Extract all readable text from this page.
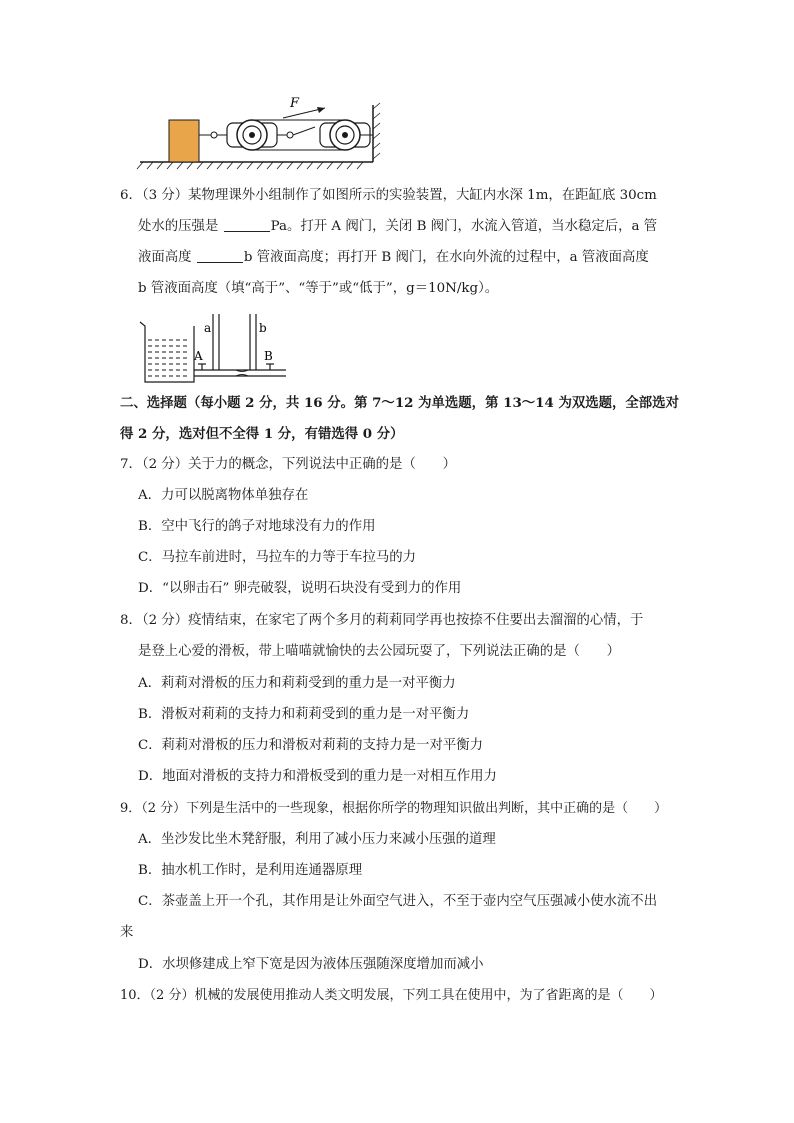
F
6．（3 分）某物理课外小组制作了如图所示的实验装置，大缸内水深 1m，在距缸底 30cm
处水的压强是	Pa。打开 A 阀门，关闭 B 阀门，水流入管道，当水稳定后，a 管
液面高度	b 管液面高度；再打开 B 阀门，在水向外流的过程中，a 管液面高度
b 管液面高度（填“高于”、“等于”或“低于”，g＝10N/kg）。
A
a	b
B
二、选择题（每小题 2 分，共 16 分。第 7～12 为单选题，第 13～14 为双选题，全部选对
得 2 分，选对但不全得 1 分，有错选得 0 分）
7．（2 分）关于力的概念，下列说法中正确的是（　　）
A．力可以脱离物体单独存在
B．空中飞行的鸽子对地球没有力的作用
C．马拉车前进时，马拉车的力等于车拉马的力
D．“以卵击石” 卵壳破裂，说明石块没有受到力的作用
8．（2 分）疫情结束，在家宅了两个多月的莉莉同学再也按捺不住要出去溜溜的心情，于
是登上心爱的滑板，带上喵喵就愉快的去公园玩耍了，下列说法正确的是（　　）
A．莉莉对滑板的压力和莉莉受到的重力是一对平衡力
B．滑板对莉莉的支持力和莉莉受到的重力是一对平衡力
C．莉莉对滑板的压力和滑板对莉莉的支持力是一对平衡力
D．地面对滑板的支持力和滑板受到的重力是一对相互作用力
9．（2 分）下列是生活中的一些现象，根据你所学的物理知识做出判断，其中正确的是（　　）
A．坐沙发比坐木凳舒服，利用了减小压力来减小压强的道理
B．抽水机工作时，是利用连通器原理
C．茶壶盖上开一个孔，其作用是让外面空气进入，不至于壶内空气压强减小使水流不出
来
D．水坝修建成上窄下宽是因为液体压强随深度增加而减小
10．（2 分）机械的发展使用推动人类文明发展，下列工具在使用中，为了省距离的是（　　）
